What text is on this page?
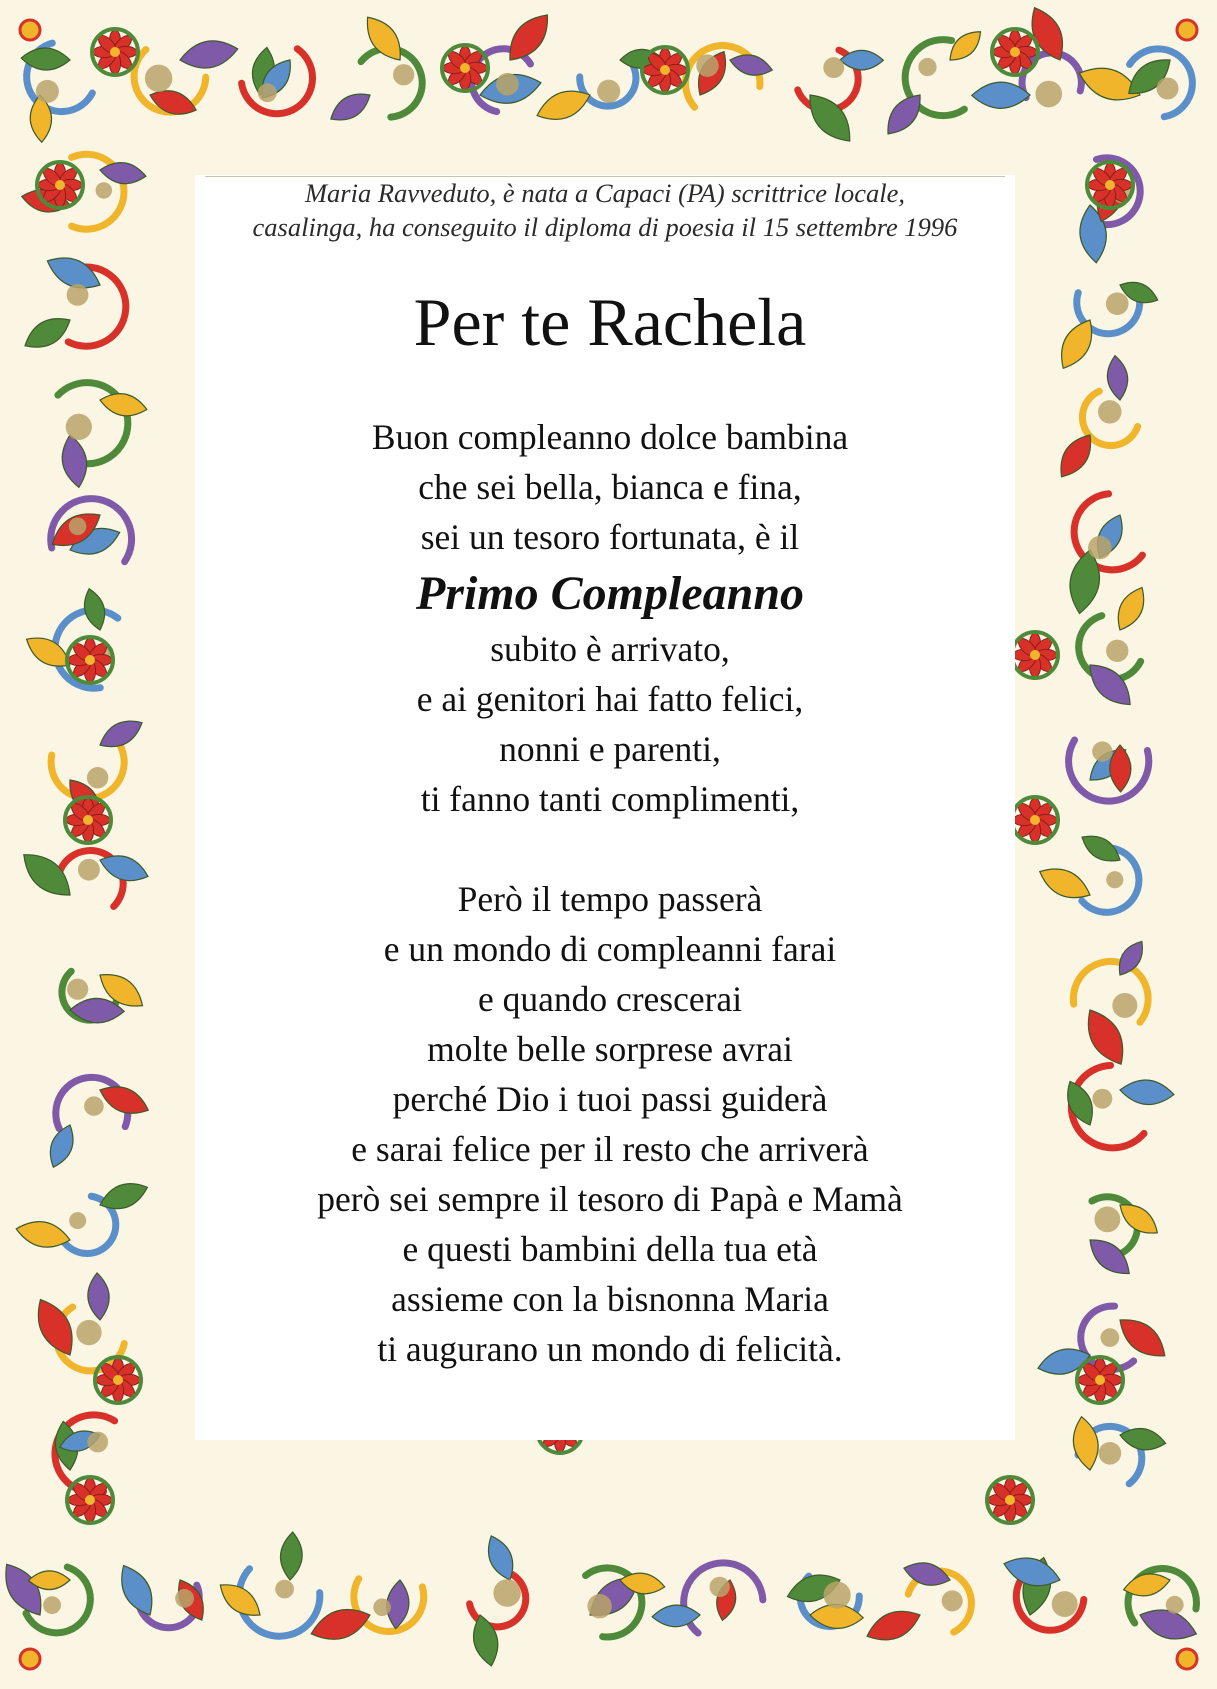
Maria Ravveduto, è nata a Capaci (PA) scrittrice locale,
casalinga, ha conseguito il diploma di poesia il 15 settembre 1996
Per te Rachela
Buon compleanno dolce bambina
che sei bella, bianca e fina,
sei un tesoro fortunata, è il
Primo Compleanno
subito è arrivato,
e ai genitori hai fatto felici,
nonni e parenti,
ti fanno tanti complimenti,
Però il tempo passerà
e un mondo di compleanni farai
e quando crescerai
molte belle sorprese avrai
perché Dio i tuoi passi guiderà
e sarai felice per il resto che arriverà
però sei sempre il tesoro di Papà e Mamà
e questi bambini della tua età
assieme con la bisnonna Maria
ti augurano un mondo di felicità.
